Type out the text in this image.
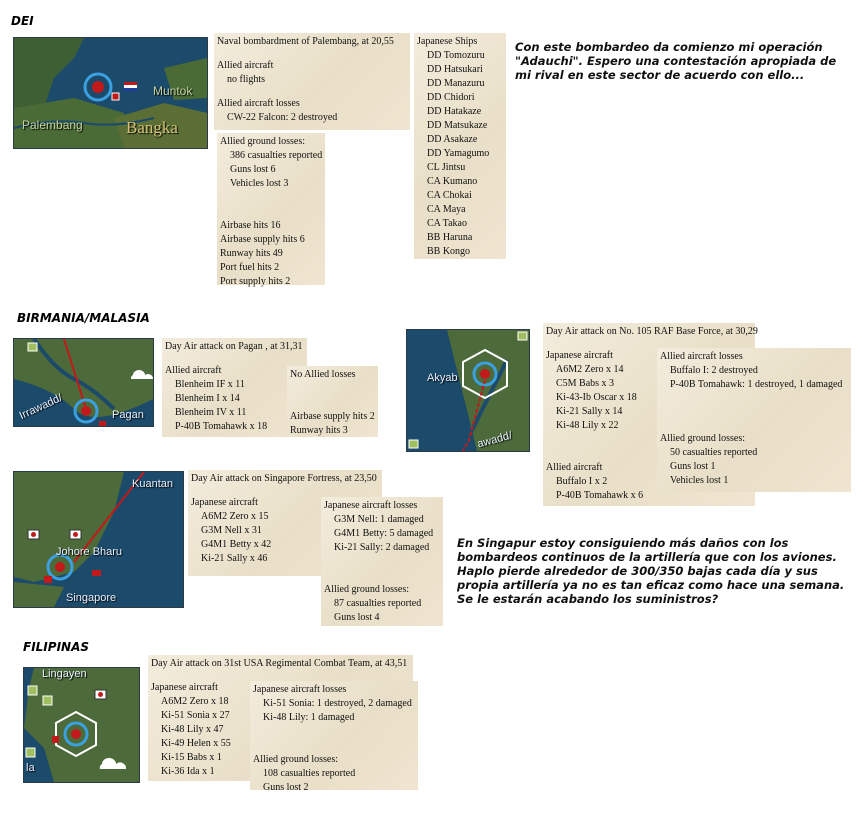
DEI
BIRMANIA/MALASIA
FILIPINAS
Palembang
Muntok
Bangka
Naval bombardment of Palembang, at 20,55
Allied aircraft
no flights
Allied aircraft losses
CW-22 Falcon: 2 destroyed
Allied ground losses:
386 casualties reported
Guns lost 6
Vehicles lost 3
Airbase hits 16
Airbase supply hits 6
Runway hits 49
Port fuel hits 2
Port supply hits 2
Japanese Ships
DD Tomozuru
DD Hatsukari
DD Manazuru
DD Chidori
DD Hatakaze
DD Matsukaze
DD Asakaze
DD Yamagumo
CL Jintsu
CA Kumano
CA Chokai
CA Maya
CA Takao
BB Haruna
BB Kongo
Con este bombardeo da comienzo mi operación
"Adauchi". Espero una contestación apropiada de
mi rival en este sector de acuerdo con ello...
Irrawadd/	Pagan
Day Air attack on Pagan , at 31,31
Allied aircraft
Blenheim IF x 11
Blenheim I x 14
Blenheim IV x 11
P-40B Tomahawk x 18
No Allied losses
Airbase supply hits 2
Runway hits 3
Akyab
awadd/
Day Air attack on No. 105 RAF Base Force, at 30,29
Japanese aircraft
A6M2 Zero x 14
C5M Babs x 3
Ki-43-Ib Oscar x 18
Ki-21 Sally x 14
Ki-48 Lily x 22
Allied aircraft
Buffalo I x 2
P-40B Tomahawk x 6
Allied aircraft losses
Buffalo I: 2 destroyed
P-40B Tomahawk: 1 destroyed, 1 damaged
Allied ground losses:
50 casualties reported
Guns lost 1
Vehicles lost 1
Kuantan
Johore Bharu
Singapore
Day Air attack on Singapore Fortress, at 23,50
Japanese aircraft
A6M2 Zero x 15
G3M Nell x 31
G4M1 Betty x 42
Ki-21 Sally x 46
Japanese aircraft losses
G3M Nell: 1 damaged
G4M1 Betty: 5 damaged
Ki-21 Sally: 2 damaged
Allied ground losses:
87 casualties reported
Guns lost 4
En Singapur estoy consiguiendo más daños con los
bombardeos continuos de la artillería que con los aviones.
Haplo pierde alrededor de 300/350 bajas cada día y sus
propia artillería ya no es tan eficaz como hace una semana.
Se le estarán acabando los suministros?
Lingayen
la
Day Air attack on 31st USA Regimental Combat Team, at 43,51
Japanese aircraft
A6M2 Zero x 18
Ki-51 Sonia x 27
Ki-48 Lily x 47
Ki-49 Helen x 55
Ki-15 Babs x 1
Ki-36 Ida x 1
Japanese aircraft losses
Ki-51 Sonia: 1 destroyed, 2 damaged
Ki-48 Lily: 1 damaged
Allied ground losses:
108 casualties reported
Guns lost 2
